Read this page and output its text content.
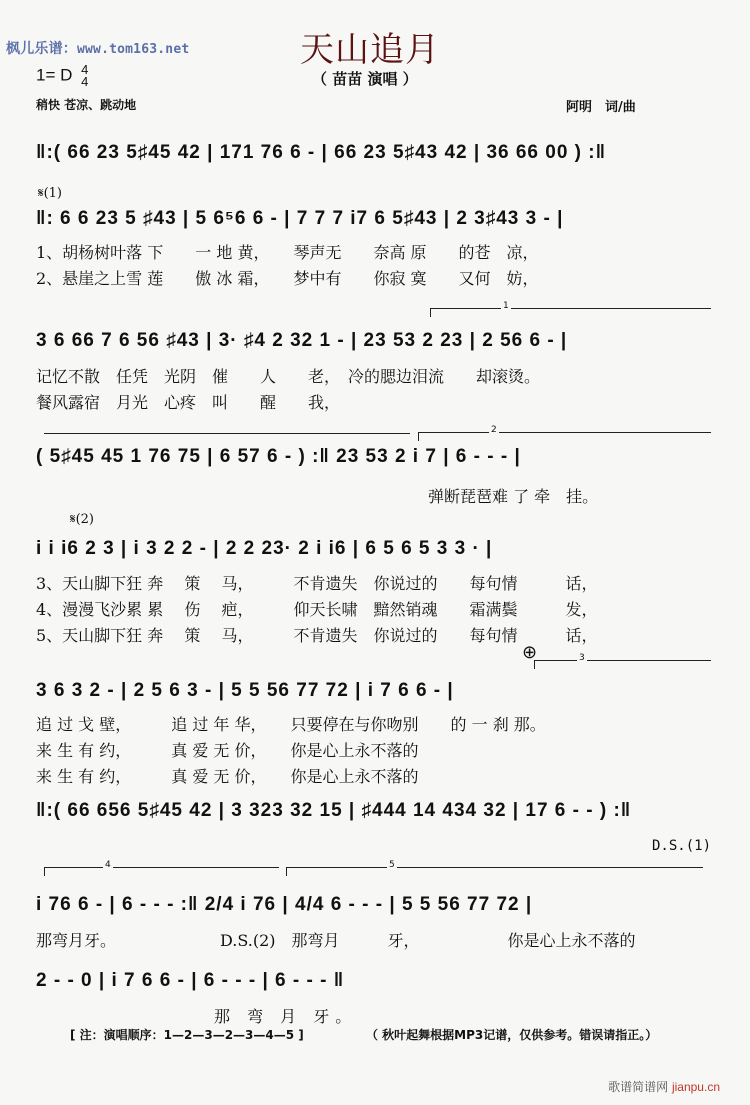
枫儿乐谱：www.tom163.net	天山追月
（ 苗苗 演唱 ）
1= D 4
4
稍快 苍凉、跳动地	阿明　词/曲
‖:( 66 23 5♯45 42 | 171 76 6 - | 66 23 5♯43 42 | 36 66 00 ) :‖
𝄋(1)
‖: 6 6 23 5 ♯43 | 5 6⁵6 6 - | 7 7 7 i7 6 5♯43 | 2 3♯43 3 - |
1、胡杨树叶落 下　　一 地 黄，　　琴声无　　奈高 原　　的苍　凉，
2、悬崖之上雪 莲　　傲 冰 霜，　　梦中有　　你寂 寞　　又何　妨，
1
3 6 66 7 6 56 ♯43 | 3· ♯4 2 32 1 - | 23 53 2 23 | 2 56 6 - |
记忆不散　任凭　光阴　催　　人　　老，　冷的腮边泪流　　却滚烫。
餐风露宿　月光　心疼　叫　　醒　　我，
2
( 5♯45 45 1 76 75 | 6 57 6 - ) :‖ 23 53 2 i 7 | 6 - - - |
弹断琵琶难 了 牵　挂。
𝄋(2)
i i i6 2 3 | i 3 2 2 - | 2 2 23· 2 i i6 | 6 5 6 5 3 3 · |
3、天山脚下狂 奔　 策　 马，　　　不肯遗失　你说过的　　每句情　　　话，
4、漫漫飞沙累 累　 伤　 疤，　　　仰天长啸　黯然销魂　　霜满鬓　　　发，
5、天山脚下狂 奔　 策　 马，　　　不肯遗失　你说过的　　每句情　　　话，
⊕	3
3 6 3 2 - | 2 5 6 3 - | 5 5 56 77 72 | i 7 6 6 - |
追 过 戈 壁，　　　追 过 年 华，　　只要停在与你吻别　　的 一 刹 那。
来 生 有 约，　　　真 爱 无 价，　　你是心上永不落的
来 生 有 约，　　　真 爱 无 价，　　你是心上永不落的
‖:( 66 656 5♯45 42 | 3 323 32 15 | ♯444 14 434 32 | 17 6 - - ) :‖
D.S.(1)
4	5
i 76 6 - | 6 - - - :‖ 2/4 i 76 | 4/4 6 - - - | 5 5 56 77 72 |
那弯月牙。　　　　　　　D.S.(2)　那弯月　　　牙，　　　　　　你是心上永不落的
2 - - 0 | i 7 6 6 - | 6 - - - | 6 - - - ‖
那 弯 月 牙。
[ 注：演唱顺序：1—2—3—2—3—4—5 ]	（ 秋叶起舞根据MP3记谱，仅供参考。错误请指正。）
歌谱简谱网 jianpu.cn
